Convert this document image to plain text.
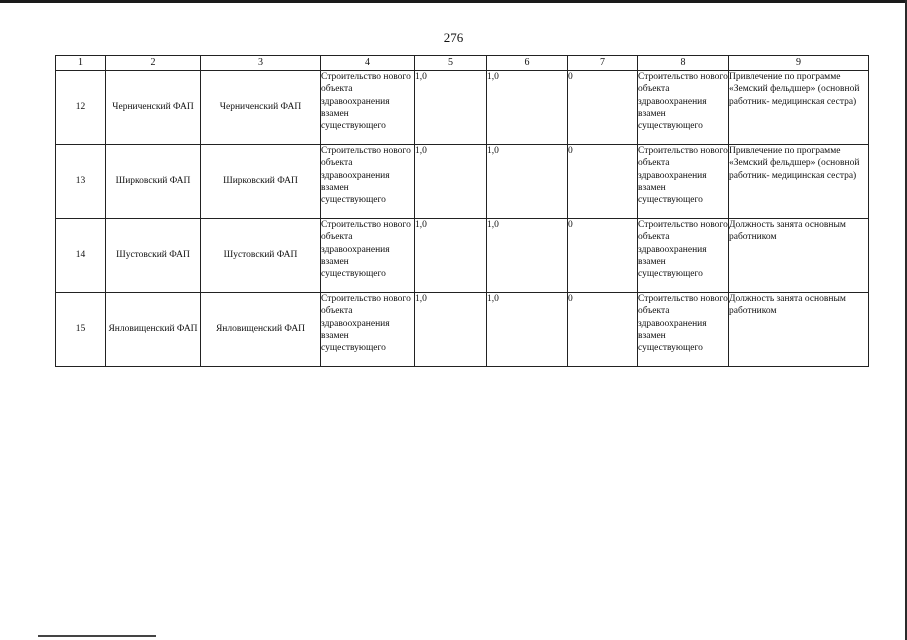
276
1	2	3	4	5	6	7	8	9
12	Черниченский ФАП	Черниченский ФАП	Строительство нового объекта здравоохранения взамен существующего	1,0	1,0	0	Строительство нового объекта здравоохранения взамен существующего	Привлечение по программе «Земский фельдшер» (основной работник- медицинская сестра)
13	Ширковский ФАП	Ширковский ФАП	Строительство нового объекта здравоохранения взамен существующего	1,0	1,0	0	Строительство нового объекта здравоохранения взамен существующего	Привлечение по программе «Земский фельдшер» (основной работник- медицинская сестра)
14	Шустовский ФАП	Шустовский ФАП	Строительство нового объекта здравоохранения взамен существующего	1,0	1,0	0	Строительство нового объекта здравоохранения взамен существующего	Должность занята основным работником
15	Янловищенский ФАП	Янловищенский ФАП	Строительство нового объекта здравоохранения взамен существующего	1,0	1,0	0	Строительство нового объекта здравоохранения взамен существующего	Должность занята основным работником
